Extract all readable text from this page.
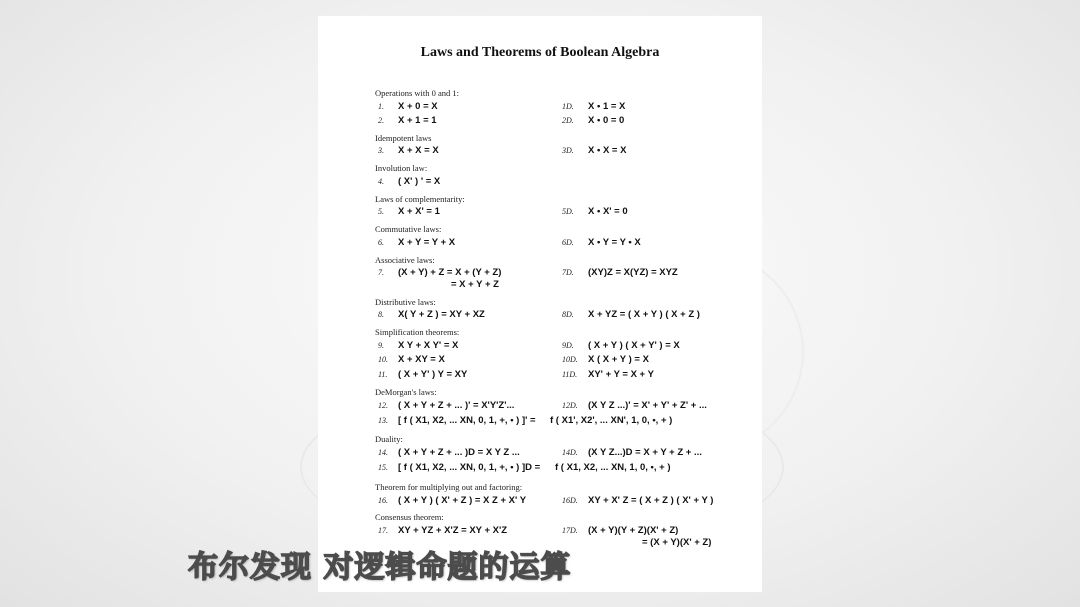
Laws and Theorems of Boolean Algebra
Operations with 0 and 1:
1. X + 0 = X	1D. X • 1 = X
2. X + 1 = 1	2D. X • 0 = 0
Idempotent laws
3. X + X = X	3D. X • X = X
Involution law:
4. ( X' ) ' = X
Laws of complementarity:
5. X + X' = 1	5D. X • X' = 0
Commutative laws:
6. X + Y = Y + X	6D. X • Y = Y • X
Associative laws:
7. (X + Y) + Z = X + (Y + Z)
= X + Y + Z
7D. (XY)Z = X(YZ) = XYZ
Distributive laws:
8. X( Y + Z ) = XY + XZ	8D. X + YZ = ( X + Y ) ( X + Z )
Simplification theorems:
9. X Y + X Y' = X	9D. ( X + Y ) ( X + Y' ) = X
10. X + XY = X	10D. X ( X + Y ) = X
11. ( X + Y' ) Y = XY	11D. XY' + Y = X + Y
DeMorgan's laws:
12. ( X + Y + Z + ... )' = X'Y'Z'...	12D. (X Y Z ...)' = X' + Y' + Z' + ...
13. [ f ( X1, X2, ... XN, 0, 1, +, • ) ]' = f ( X1', X2', ... XN', 1, 0, •, + )
Duality:
14. ( X + Y + Z + ... )D = X Y Z ...	14D. (X Y Z...)D = X + Y + Z + ...
15. [ f ( X1, X2, ... XN, 0, 1, +, • ) ]D = f ( X1, X2, ... XN, 1, 0, •, + )
Theorem for multiplying out and factoring:
16. ( X + Y ) ( X' + Z ) = X Z + X' Y	16D. XY + X' Z = ( X + Z ) ( X' + Y )
Consensus theorem:
17. XY + YZ + X'Z = XY + X'Z	17D. (X + Y)(Y + Z)(X' + Z)
= (X + Y)(X' + Z)
布尔发现 对逻辑命题的运算
